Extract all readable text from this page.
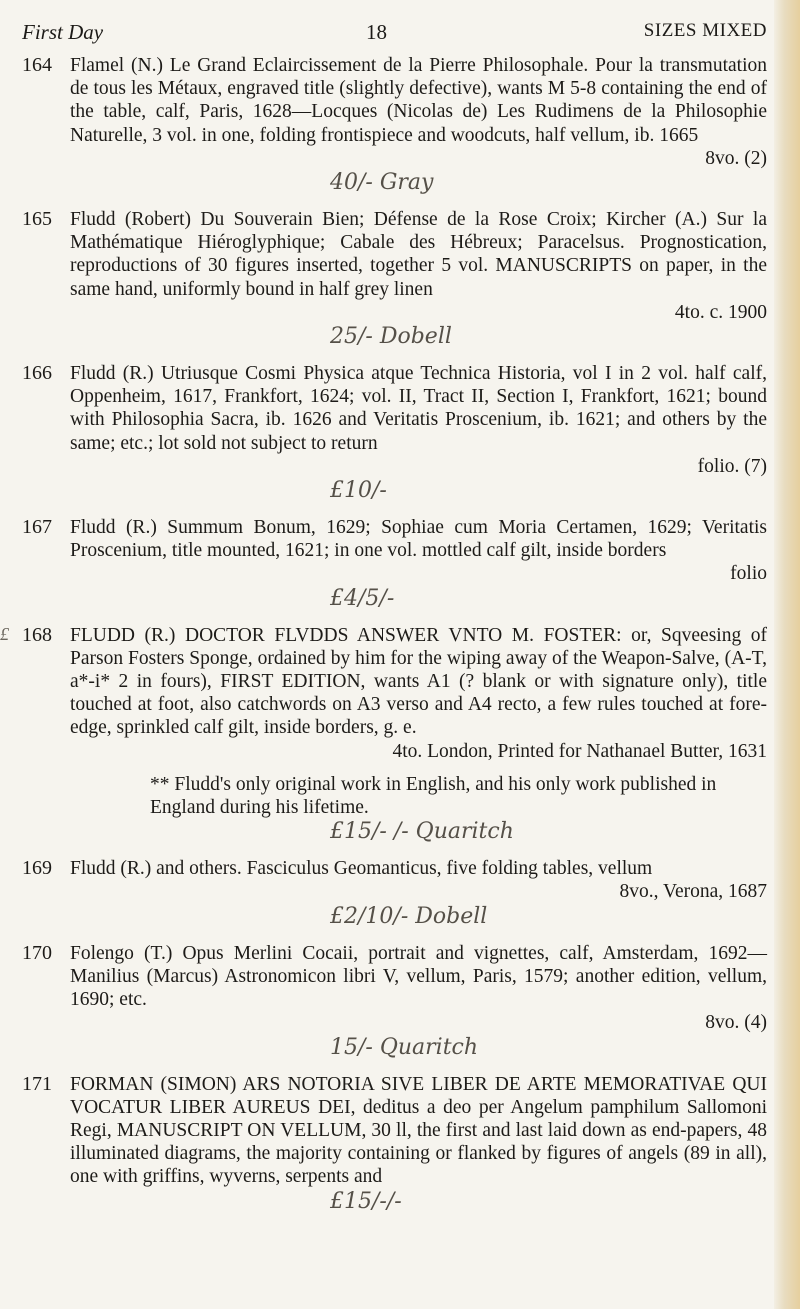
First Day	18	SIZES MIXED
164 Flamel (N.) Le Grand Eclaircissement de la Pierre Philosophale. Pour la transmutation de tous les Métaux, engraved title (slightly defective), wants M 5-8 containing the end of the table, calf, Paris, 1628—Locques (Nicolas de) Les Rudimens de la Philosophie Naturelle, 3 vol. in one, folding frontispiece and woodcuts, half vellum, ib. 1665

8vo. (2)
40/- Gray
165 Fludd (Robert) Du Souverain Bien; Défense de la Rose Croix; Kircher (A.) Sur la Mathématique Hiéroglyphique; Cabale des Hébreux; Paracelsus. Prognostication, reproductions of 30 figures inserted, together 5 vol. MANUSCRIPTS on paper, in the same hand, uniformly bound in half grey linen

4to. c. 1900
25/- Dobell
166 Fludd (R.) Utriusque Cosmi Physica atque Technica Historia, vol I in 2 vol. half calf, Oppenheim, 1617, Frankfort, 1624; vol. II, Tract II, Section I, Frankfort, 1621; bound with Philosophia Sacra, ib. 1626 and Veritatis Proscenium, ib. 1621; and others by the same; etc.; lot sold not subject to return

folio. (7)
£10/-
167 Fludd (R.) Summum Bonum, 1629; Sophiae cum Moria Certamen, 1629; Veritatis Proscenium, title mounted, 1621; in one vol. mottled calf gilt, inside borders

folio
£4/5/-
£ 168 FLUDD (R.) DOCTOR FLVDDS ANSWER VNTO M. FOSTER: or, Sqveesing of Parson Fosters Sponge, ordained by him for the wiping away of the Weapon-Salve, (A-T, a*-i* 2 in fours), FIRST EDITION, wants A1 (? blank or with signature only), title touched at foot, also catchwords on A3 verso and A4 recto, a few rules touched at fore-edge, sprinkled calf gilt, inside borders, g. e.

4to. London, Printed for Nathanael Butter, 1631
** Fludd's only original work in English, and his only work published in England during his lifetime.
£15/- /- Quaritch
169 Fludd (R.) and others. Fasciculus Geomanticus, five folding tables, vellum

8vo., Verona, 1687
£2/10/- Dobell
170 Folengo (T.) Opus Merlini Cocaii, portrait and vignettes, calf, Amsterdam, 1692—Manilius (Marcus) Astronomicon libri V, vellum, Paris, 1579; another edition, vellum, 1690; etc.

8vo. (4)
15/- Quaritch
171 FORMAN (SIMON) ARS NOTORIA SIVE LIBER DE ARTE MEMORATIVAE QUI VOCATUR LIBER AUREUS DEI, deditus a deo per Angelum pamphilum Sallomoni Regi, MANUSCRIPT ON VELLUM, 30 ll, the first and last laid down as end-papers, 48 illuminated diagrams, the majority containing or flanked by figures of angels (89 in all), one with griffins, wyverns, serpents and

£15/-/-
